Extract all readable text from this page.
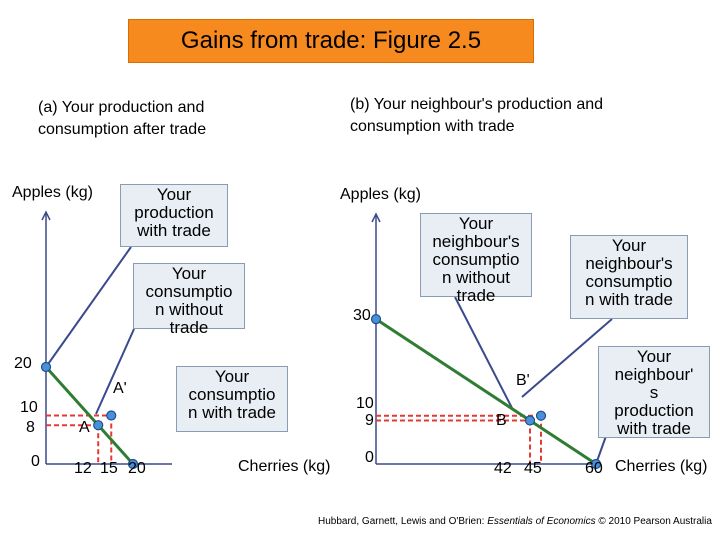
Gains from trade: Figure 2.5
(a) Your production and
consumption after trade
(b) Your neighbour's production and
consumption with trade
Apples (kg)	Apples (kg)
Cherries (kg)	Cherries (kg)
Your
production
with trade
Your
consumptio
n without
trade
Your
consumptio
n with trade
Your
neighbour's
consumptio
n without
trade
Your
neighbour's
consumptio
n with trade
Your
neighbour'
s
production
with trade
20
10
8
0 12 15 20
30
10
9
0
42 45	60
A
A'
B
B'
Hubbard, Garnett, Lewis and O'Brien: Essentials of Economics © 2010 Pearson Australia
